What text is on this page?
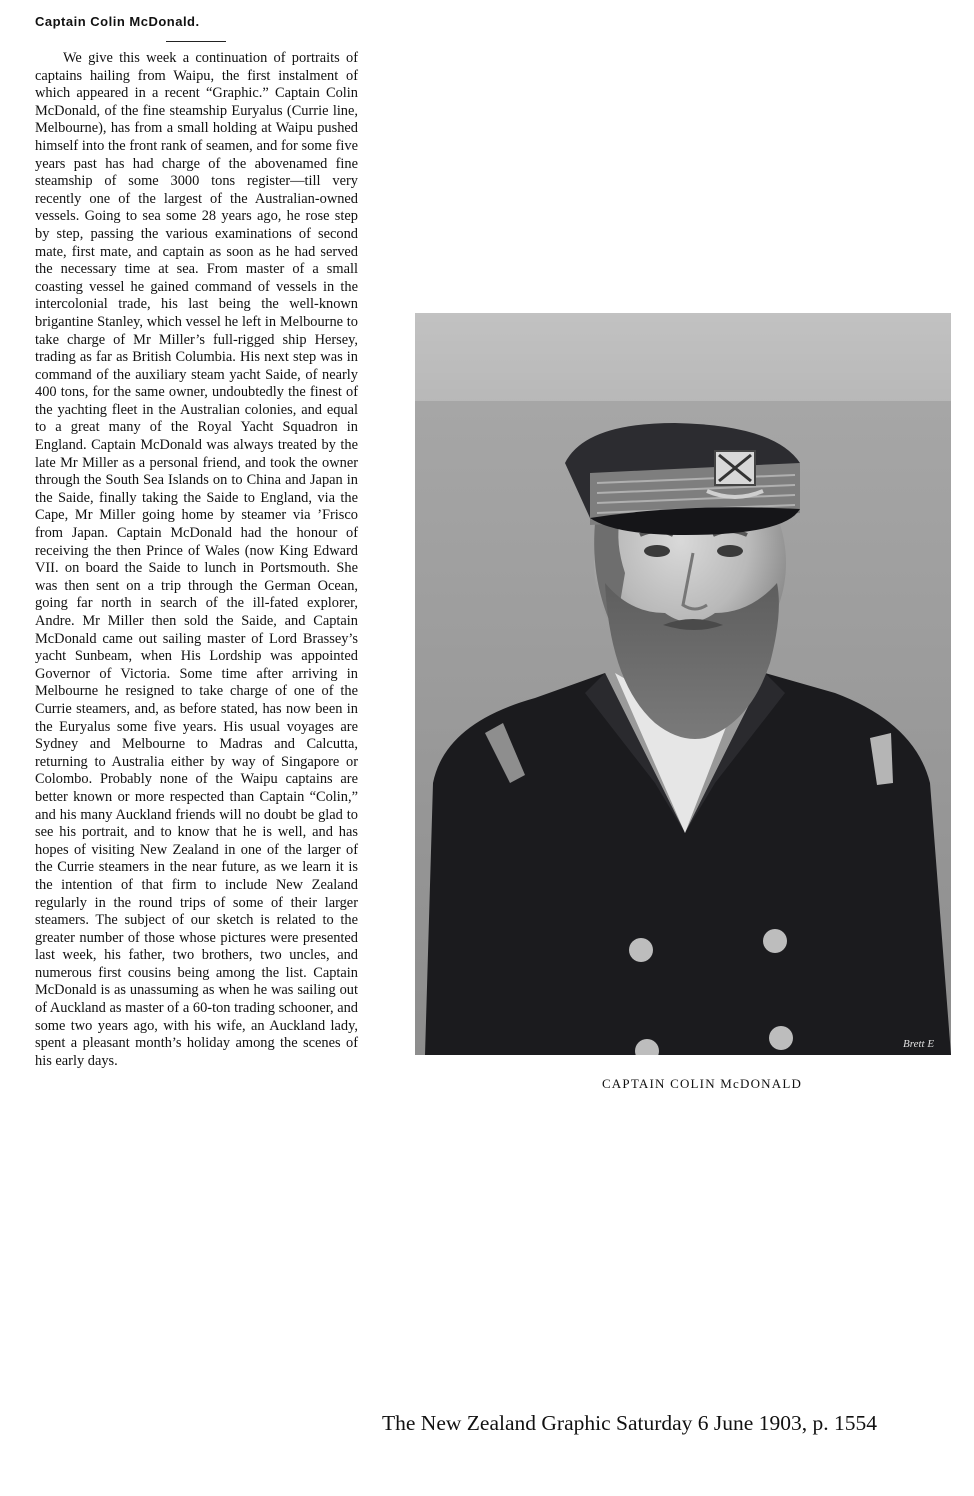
Captain Colin McDonald.

We give this week a continuation of portraits of captains hailing from Waipu, the first instalment of which appeared in a recent “Graphic.” Captain Colin McDonald, of the fine steamship Euryalus (Currie line, Melbourne), has from a small holding at Waipu pushed himself into the front rank of seamen, and for some five years past has had charge of the abovenamed fine steamship of some 3000 tons register—till very recently one of the largest of the Australian-owned vessels. Going to sea some 28 years ago, he rose step by step, passing the various examinations of second mate, first mate, and captain as soon as he had served the necessary time at sea. From master of a small coasting vessel he gained command of vessels in the intercolonial trade, his last being the well-known brigantine Stanley, which vessel he left in Melbourne to take charge of Mr Miller’s full-rigged ship Hersey, trading as far as British Columbia. His next step was in command of the auxiliary steam yacht Saide, of nearly 400 tons, for the same owner, undoubtedly the finest of the yachting fleet in the Australian colonies, and equal to a great many of the Royal Yacht Squadron in England. Captain McDonald was always treated by the late Mr Miller as a personal friend, and took the owner through the South Sea Islands on to China and Japan in the Saide, finally taking the Saide to England, via the Cape, Mr Miller going home by steamer via ’Frisco from Japan. Captain McDonald had the honour of receiving the then Prince of Wales (now King Edward VII. on board the Saide to lunch in Portsmouth. She was then sent on a trip through the German Ocean, going far north in search of the ill-fated explorer, Andre. Mr Miller then sold the Saide, and Captain McDonald came out sailing master of Lord Brassey’s yacht Sunbeam, when His Lordship was appointed Governor of Victoria. Some time after arriving in Melbourne he resigned to take charge of one of the Currie steamers, and, as before stated, has now been in the Euryalus some five years. His usual voyages are Sydney and Melbourne to Madras and Calcutta, returning to Australia either by way of Singapore or Colombo. Probably none of the Waipu captains are better known or more respected than Captain “Colin,” and his many Auckland friends will no doubt be glad to see his portrait, and to know that he is well, and has hopes of visiting New Zealand in one of the larger of the Currie steamers in the near future, as we learn it is the intention of that firm to include New Zealand regularly in the round trips of some of their larger steamers. The subject of our sketch is related to the greater number of those whose pictures were presented last week, his father, two brothers, two uncles, and numerous first cousins being among the list. Captain McDonald is as unassuming as when he was sailing out of Auckland as master of a 60-ton trading schooner, and some two years ago, with his wife, an Auckland lady, spent a pleasant month’s holiday among the scenes of his early days.

Brett E
CAPTAIN COLIN McDONALD
The New Zealand Graphic Saturday 6 June 1903, p. 1554
